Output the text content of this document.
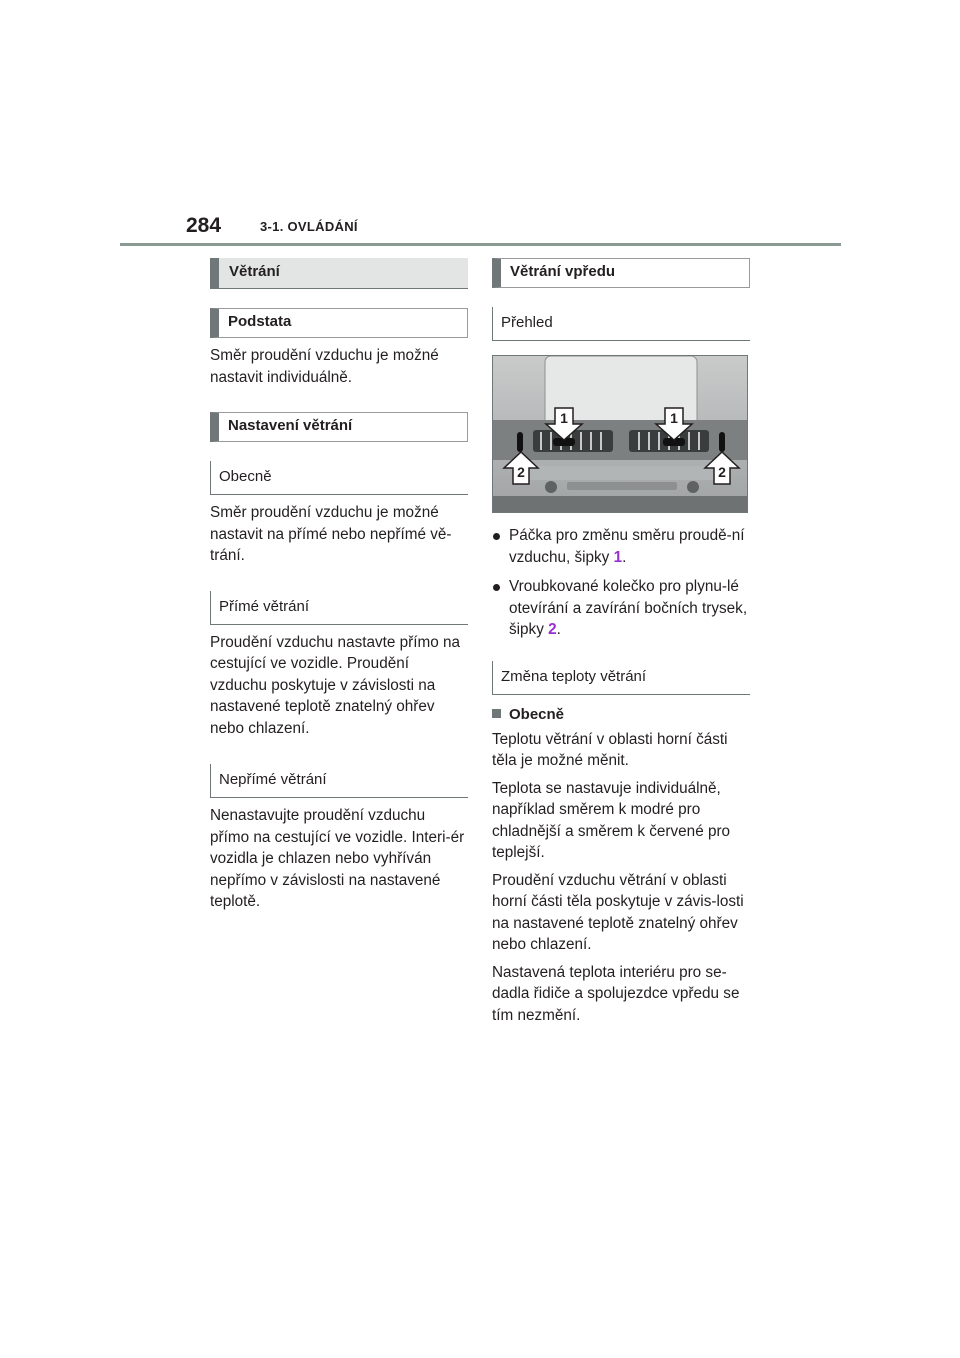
284	3-1. OVLÁDÁNÍ
Větrání
Podstata

Směr proudění vzduchu je možné nastavit individuálně.

Nastavení větrání
Obecně

Směr proudění vzduchu je možné nastavit na přímé nebo nepřímé vě-trání.

Přímé větrání

Proudění vzduchu nastavte přímo na cestující ve vozidle. Proudění vzduchu poskytuje v závislosti na nastavené teplotě znatelný ohřev nebo chlazení.

Nepřímé větrání

Nenastavujte proudění vzduchu přímo na cestující ve vozidle. Interi-ér vozidla je chlazen nebo vyhříván nepřímo v závislosti na nastavené teplotě.

Větrání vpředu
Přehled
1	1
2	2

Páčka pro změnu směru proudě-ní vzduchu, šipky 1.

Vroubkované kolečko pro plynu-lé otevírání a zavírání bočních trysek, šipky 2.

Změna teploty větrání
Obecně

Teplotu větrání v oblasti horní části těla je možné měnit.

Teplota se nastavuje individuálně, například směrem k modré pro chladnější a směrem k červené pro teplejší.

Proudění vzduchu větrání v oblasti horní části těla poskytuje v závis-losti na nastavené teplotě znatelný ohřev nebo chlazení.

Nastavená teplota interiéru pro se-dadla řidiče a spolujezdce vpředu se tím nezmění.
